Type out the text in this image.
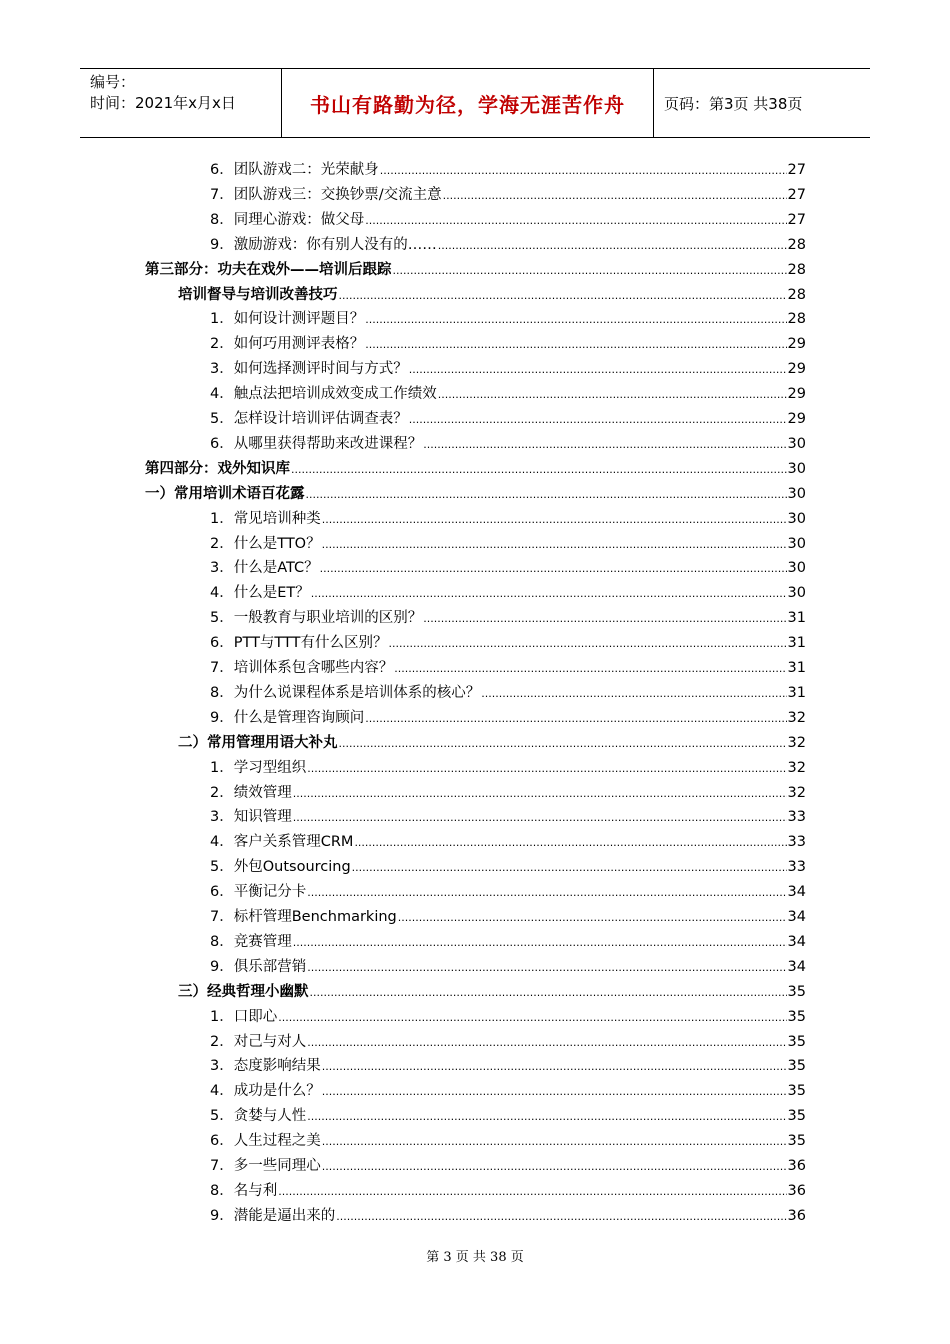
编号：
时间：2021年x月x日	书山有路勤为径，学海无涯苦作舟	页码：第3页 共38页
6．团队游戏二：光荣献身 .....	27
7．团队游戏三：交换钞票/交流主意 .....	27
8．同理心游戏：做父母 .....	27
9．激励游戏：你有别人没有的…… .....	28
第三部分：功夫在戏外——培训后跟踪 .....	28
培训督导与培训改善技巧 .....	28
1．如何设计测评题目？ .....	28
2．如何巧用测评表格？ .....	29
3．如何选择测评时间与方式？ .....	29
4．触点法把培训成效变成工作绩效 .....	29
5．怎样设计培训评估调查表？ .....	29
6．从哪里获得帮助来改进课程？ .....	30
第四部分：戏外知识库 .....	30
一）常用培训术语百花露 .....	30
1．常见培训种类 .....	30
2．什么是TTO？ .....	30
3．什么是ATC？ .....	30
4．什么是ET？ .....	30
5．一般教育与职业培训的区别？ .....	31
6．PTT与TTT有什么区别？ .....	31
7．培训体系包含哪些内容？ .....	31
8．为什么说课程体系是培训体系的核心？ .....	31
9．什么是管理咨询顾问 .....	32
二）常用管理用语大补丸 .....	32
1．学习型组织 .....	32
2．绩效管理 .....	32
3．知识管理 .....	33
4．客户关系管理CRM .....	33
5．外包Outsourcing .....	33
6．平衡记分卡 .....	34
7．标杆管理Benchmarking .....	34
8．竞赛管理 .....	34
9．俱乐部营销 .....	34
三）经典哲理小幽默 .....	35
1．口即心 .....	35
2．对己与对人 .....	35
3．态度影响结果 .....	35
4．成功是什么？ .....	35
5．贪婪与人性 .....	35
6．人生过程之美 .....	35
7．多一些同理心 .....	36
8．名与利 .....	36
9．潜能是逼出来的 .....	36
第 3 页 共 38 页
